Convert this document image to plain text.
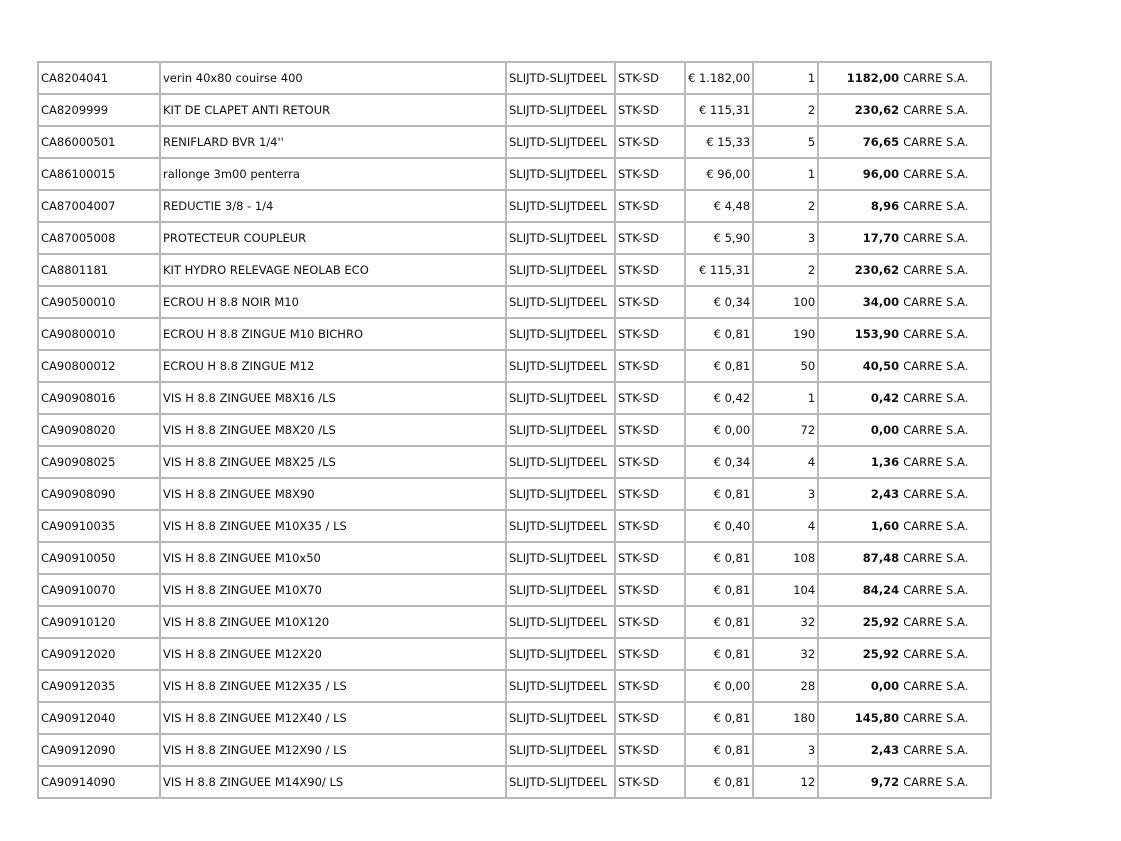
CA8204041	verin 40x80 couirse 400	SLIJTD-SLIJTDEEL	STK-SD	€ 1.182,00	1	1182,00	CARRE S.A.
CA8209999	KIT DE CLAPET ANTI RETOUR	SLIJTD-SLIJTDEEL	STK-SD	€ 115,31	2	230,62	CARRE S.A.
CA86000501	RENIFLARD BVR 1/4''	SLIJTD-SLIJTDEEL	STK-SD	€ 15,33	5	76,65	CARRE S.A.
CA86100015	rallonge 3m00 penterra	SLIJTD-SLIJTDEEL	STK-SD	€ 96,00	1	96,00	CARRE S.A.
CA87004007	REDUCTIE 3/8 - 1/4	SLIJTD-SLIJTDEEL	STK-SD	€ 4,48	2	8,96	CARRE S.A.
CA87005008	PROTECTEUR COUPLEUR	SLIJTD-SLIJTDEEL	STK-SD	€ 5,90	3	17,70	CARRE S.A.
CA8801181	KIT HYDRO RELEVAGE NEOLAB ECO	SLIJTD-SLIJTDEEL	STK-SD	€ 115,31	2	230,62	CARRE S.A.
CA90500010	ECROU H 8.8 NOIR M10	SLIJTD-SLIJTDEEL	STK-SD	€ 0,34	100	34,00	CARRE S.A.
CA90800010	ECROU H 8.8 ZINGUE M10 BICHRO	SLIJTD-SLIJTDEEL	STK-SD	€ 0,81	190	153,90	CARRE S.A.
CA90800012	ECROU H 8.8 ZINGUE M12	SLIJTD-SLIJTDEEL	STK-SD	€ 0,81	50	40,50	CARRE S.A.
CA90908016	VIS H 8.8 ZINGUEE M8X16 /LS	SLIJTD-SLIJTDEEL	STK-SD	€ 0,42	1	0,42	CARRE S.A.
CA90908020	VIS H 8.8 ZINGUEE M8X20 /LS	SLIJTD-SLIJTDEEL	STK-SD	€ 0,00	72	0,00	CARRE S.A.
CA90908025	VIS H 8.8 ZINGUEE M8X25 /LS	SLIJTD-SLIJTDEEL	STK-SD	€ 0,34	4	1,36	CARRE S.A.
CA90908090	VIS H 8.8 ZINGUEE M8X90	SLIJTD-SLIJTDEEL	STK-SD	€ 0,81	3	2,43	CARRE S.A.
CA90910035	VIS H 8.8 ZINGUEE M10X35 / LS	SLIJTD-SLIJTDEEL	STK-SD	€ 0,40	4	1,60	CARRE S.A.
CA90910050	VIS H 8.8 ZINGUEE M10x50	SLIJTD-SLIJTDEEL	STK-SD	€ 0,81	108	87,48	CARRE S.A.
CA90910070	VIS H 8.8 ZINGUEE M10X70	SLIJTD-SLIJTDEEL	STK-SD	€ 0,81	104	84,24	CARRE S.A.
CA90910120	VIS H 8.8 ZINGUEE M10X120	SLIJTD-SLIJTDEEL	STK-SD	€ 0,81	32	25,92	CARRE S.A.
CA90912020	VIS H 8.8 ZINGUEE M12X20	SLIJTD-SLIJTDEEL	STK-SD	€ 0,81	32	25,92	CARRE S.A.
CA90912035	VIS H 8.8 ZINGUEE M12X35 / LS	SLIJTD-SLIJTDEEL	STK-SD	€ 0,00	28	0,00	CARRE S.A.
CA90912040	VIS H 8.8 ZINGUEE M12X40 / LS	SLIJTD-SLIJTDEEL	STK-SD	€ 0,81	180	145,80	CARRE S.A.
CA90912090	VIS H 8.8 ZINGUEE M12X90 / LS	SLIJTD-SLIJTDEEL	STK-SD	€ 0,81	3	2,43	CARRE S.A.
CA90914090	VIS H 8.8 ZINGUEE M14X90/ LS	SLIJTD-SLIJTDEEL	STK-SD	€ 0,81	12	9,72	CARRE S.A.
